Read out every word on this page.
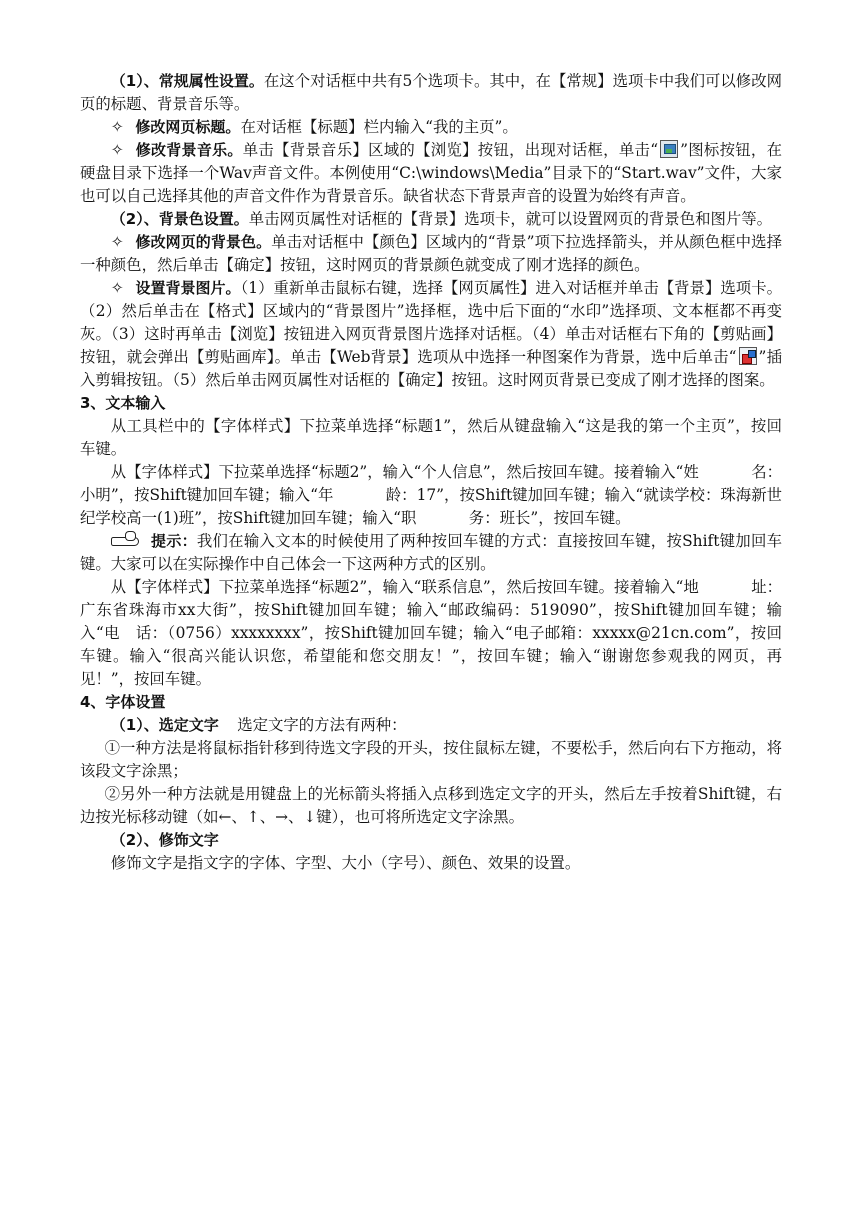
（1）、常规属性设置。在这个对话框中共有5个选项卡。其中，在【常规】选项卡中我们可以修改网页的标题、背景音乐等。

✧ 修改网页标题。在对话框【标题】栏内输入“我的主页”。

✧ 修改背景音乐。单击【背景音乐】区域的【浏览】按钮，出现对话框，单击“ ”图标按钮，在硬盘目录下选择一个Wav声音文件。本例使用“C:\windows\Media”目录下的“Start.wav”文件，大家也可以自己选择其他的声音文件作为背景音乐。缺省状态下背景声音的设置为始终有声音。

（2）、背景色设置。单击网页属性对话框的【背景】选项卡，就可以设置网页的背景色和图片等。

✧ 修改网页的背景色。单击对话框中【颜色】区域内的“背景”项下拉选择箭头，并从颜色框中选择一种颜色，然后单击【确定】按钮，这时网页的背景颜色就变成了刚才选择的颜色。

✧ 设置背景图片。（1）重新单击鼠标右键，选择【网页属性】进入对话框并单击【背景】选项卡。（2）然后单击在【格式】区域内的“背景图片”选择框，选中后下面的“水印”选择项、文本框都不再变灰。（3）这时再单击【浏览】按钮进入网页背景图片选择对话框。（4）单击对话框右下角的【剪贴画】按钮，就会弹出【剪贴画库】。单击【Web背景】选项从中选择一种图案作为背景，选中后单击“ ”插入剪辑按钮。（5）然后单击网页属性对话框的【确定】按钮。这时网页背景已变成了刚才选择的图案。

3、文本输入

从工具栏中的【字体样式】下拉菜单选择“标题1”，然后从键盘输入“这是我的第一个主页”，按回车键。

从【字体样式】下拉菜单选择“标题2”，输入“个人信息”，然后按回车键。接着输入“姓	名：小明”，按Shift键加回车键；输入“年	龄：17”，按Shift键加回车键；输入“就读学校：珠海新世纪学校高一(1)班”，按Shift键加回车键；输入“职	务：班长”，按回车键。

提示：我们在输入文本的时候使用了两种按回车键的方式：直接按回车键，按Shift键加回车键。大家可以在实际操作中自己体会一下这两种方式的区别。

从【字体样式】下拉菜单选择“标题2”，输入“联系信息”，然后按回车键。接着输入“地	址：广东省珠海市xx大街”，按Shift键加回车键；输入“邮政编码：519090”，按Shift键加回车键；输入“电　话：（0756）xxxxxxxx”，按Shift键加回车键；输入“电子邮箱：xxxxx@21cn.com”，按回车键。输入“很高兴能认识您，希望能和您交朋友！”，按回车键；输入“谢谢您参观我的网页，再见！”，按回车键。

4、字体设置

（1）、选定文字 选定文字的方法有两种：

①一种方法是将鼠标指针移到待选文字段的开头，按住鼠标左键，不要松手，然后向右下方拖动，将该段文字涂黑；

②另外一种方法就是用键盘上的光标箭头将插入点移到选定文字的开头，然后左手按着Shift键，右边按光标移动键（如←、↑、→、↓键），也可将所选定文字涂黑。

（2）、修饰文字

修饰文字是指文字的字体、字型、大小（字号）、颜色、效果的设置。
